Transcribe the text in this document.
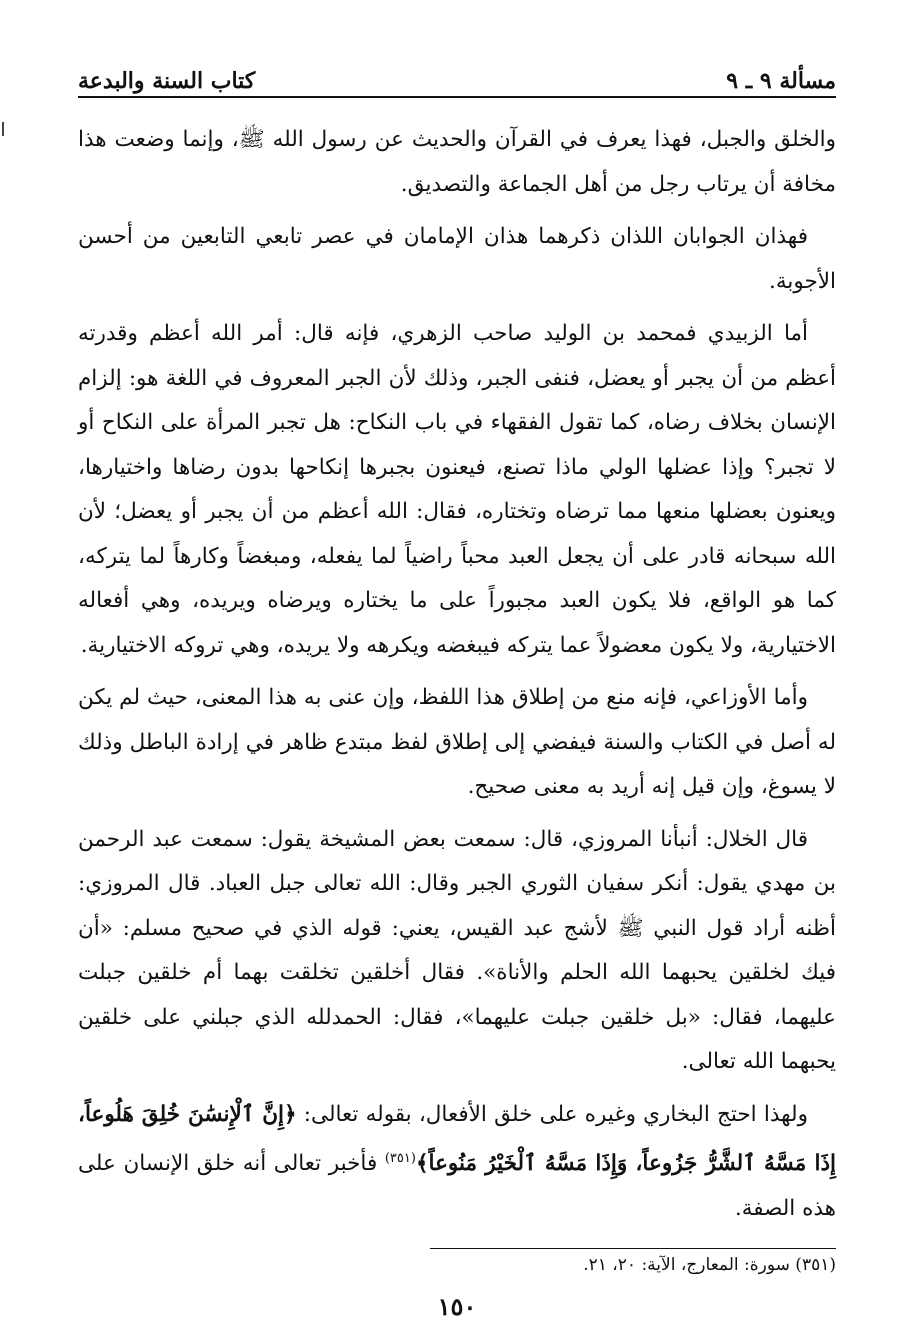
مسألة ٩ ـ ٩
كتاب السنة والبدعة

والخلق والجبل، فهذا يعرف في القرآن والحديث عن رسول الله ﷺ، وإنما وضعت هذا مخافة أن يرتاب رجل من أهل الجماعة والتصديق.

فهذان الجوابان اللذان ذكرهما هذان الإمامان في عصر تابعي التابعين من أحسن الأجوبة.

أما الزبيدي فمحمد بن الوليد صاحب الزهري، فإنه قال: أمر الله أعظم وقدرته أعظم من أن يجبر أو يعضل، فنفى الجبر، وذلك لأن الجبر المعروف في اللغة هو: إلزام الإنسان بخلاف رضاه، كما تقول الفقهاء في باب النكاح: هل تجبر المرأة على النكاح أو لا تجبر؟ وإذا عضلها الولي ماذا تصنع، فيعنون بجبرها إنكاحها بدون رضاها واختيارها، ويعنون بعضلها منعها مما ترضاه وتختاره، فقال: الله أعظم من أن يجبر أو يعضل؛ لأن الله سبحانه قادر على أن يجعل العبد محباً راضياً لما يفعله، ومبغضاً وكارهاً لما يتركه، كما هو الواقع، فلا يكون العبد مجبوراً على ما يختاره ويرضاه ويريده، وهي أفعاله الاختيارية، ولا يكون معضولاً عما يتركه فيبغضه ويكرهه ولا يريده، وهي تروكه الاختيارية.

وأما الأوزاعي، فإنه منع من إطلاق هذا اللفظ، وإن عنى به هذا المعنى، حيث لم يكن له أصل في الكتاب والسنة فيفضي إلى إطلاق لفظ مبتدع ظاهر في إرادة الباطل وذلك لا يسوغ، وإن قيل إنه أريد به معنى صحيح.

قال الخلال: أنبأنا المروزي، قال: سمعت بعض المشيخة يقول: سمعت عبد الرحمن بن مهدي يقول: أنكر سفيان الثوري الجبر وقال: الله تعالى جبل العباد. قال المروزي: أظنه أراد قول النبي ﷺ لأشج عبد القيس، يعني: قوله الذي في صحيح مسلم: «أن فيك لخلقين يحبهما الله الحلم والأناة». فقال أخلقين تخلقت بهما أم خلقين جبلت عليهما، فقال: «بل خلقين جبلت عليهما»، فقال: الحمدلله الذي جبلني على خلقين يحبهما الله تعالى.

ولهذا احتج البخاري وغيره على خلق الأفعال، بقوله تعالى: ﴿إِنَّ ٱلْإِنسَٰنَ خُلِقَ هَلُوعاً، إِذَا مَسَّهُ ٱلشَّرُّ جَزُوعاً، وَإِذَا مَسَّهُ ٱلْخَيْرُ مَنُوعاً﴾$^{(٣٥١)}$ فأخبر تعالى أنه خلق الإنسان على هذه الصفة.

(٣٥١) سورة: المعارج، الآية: ٢٠، ٢١.
١٥٠
